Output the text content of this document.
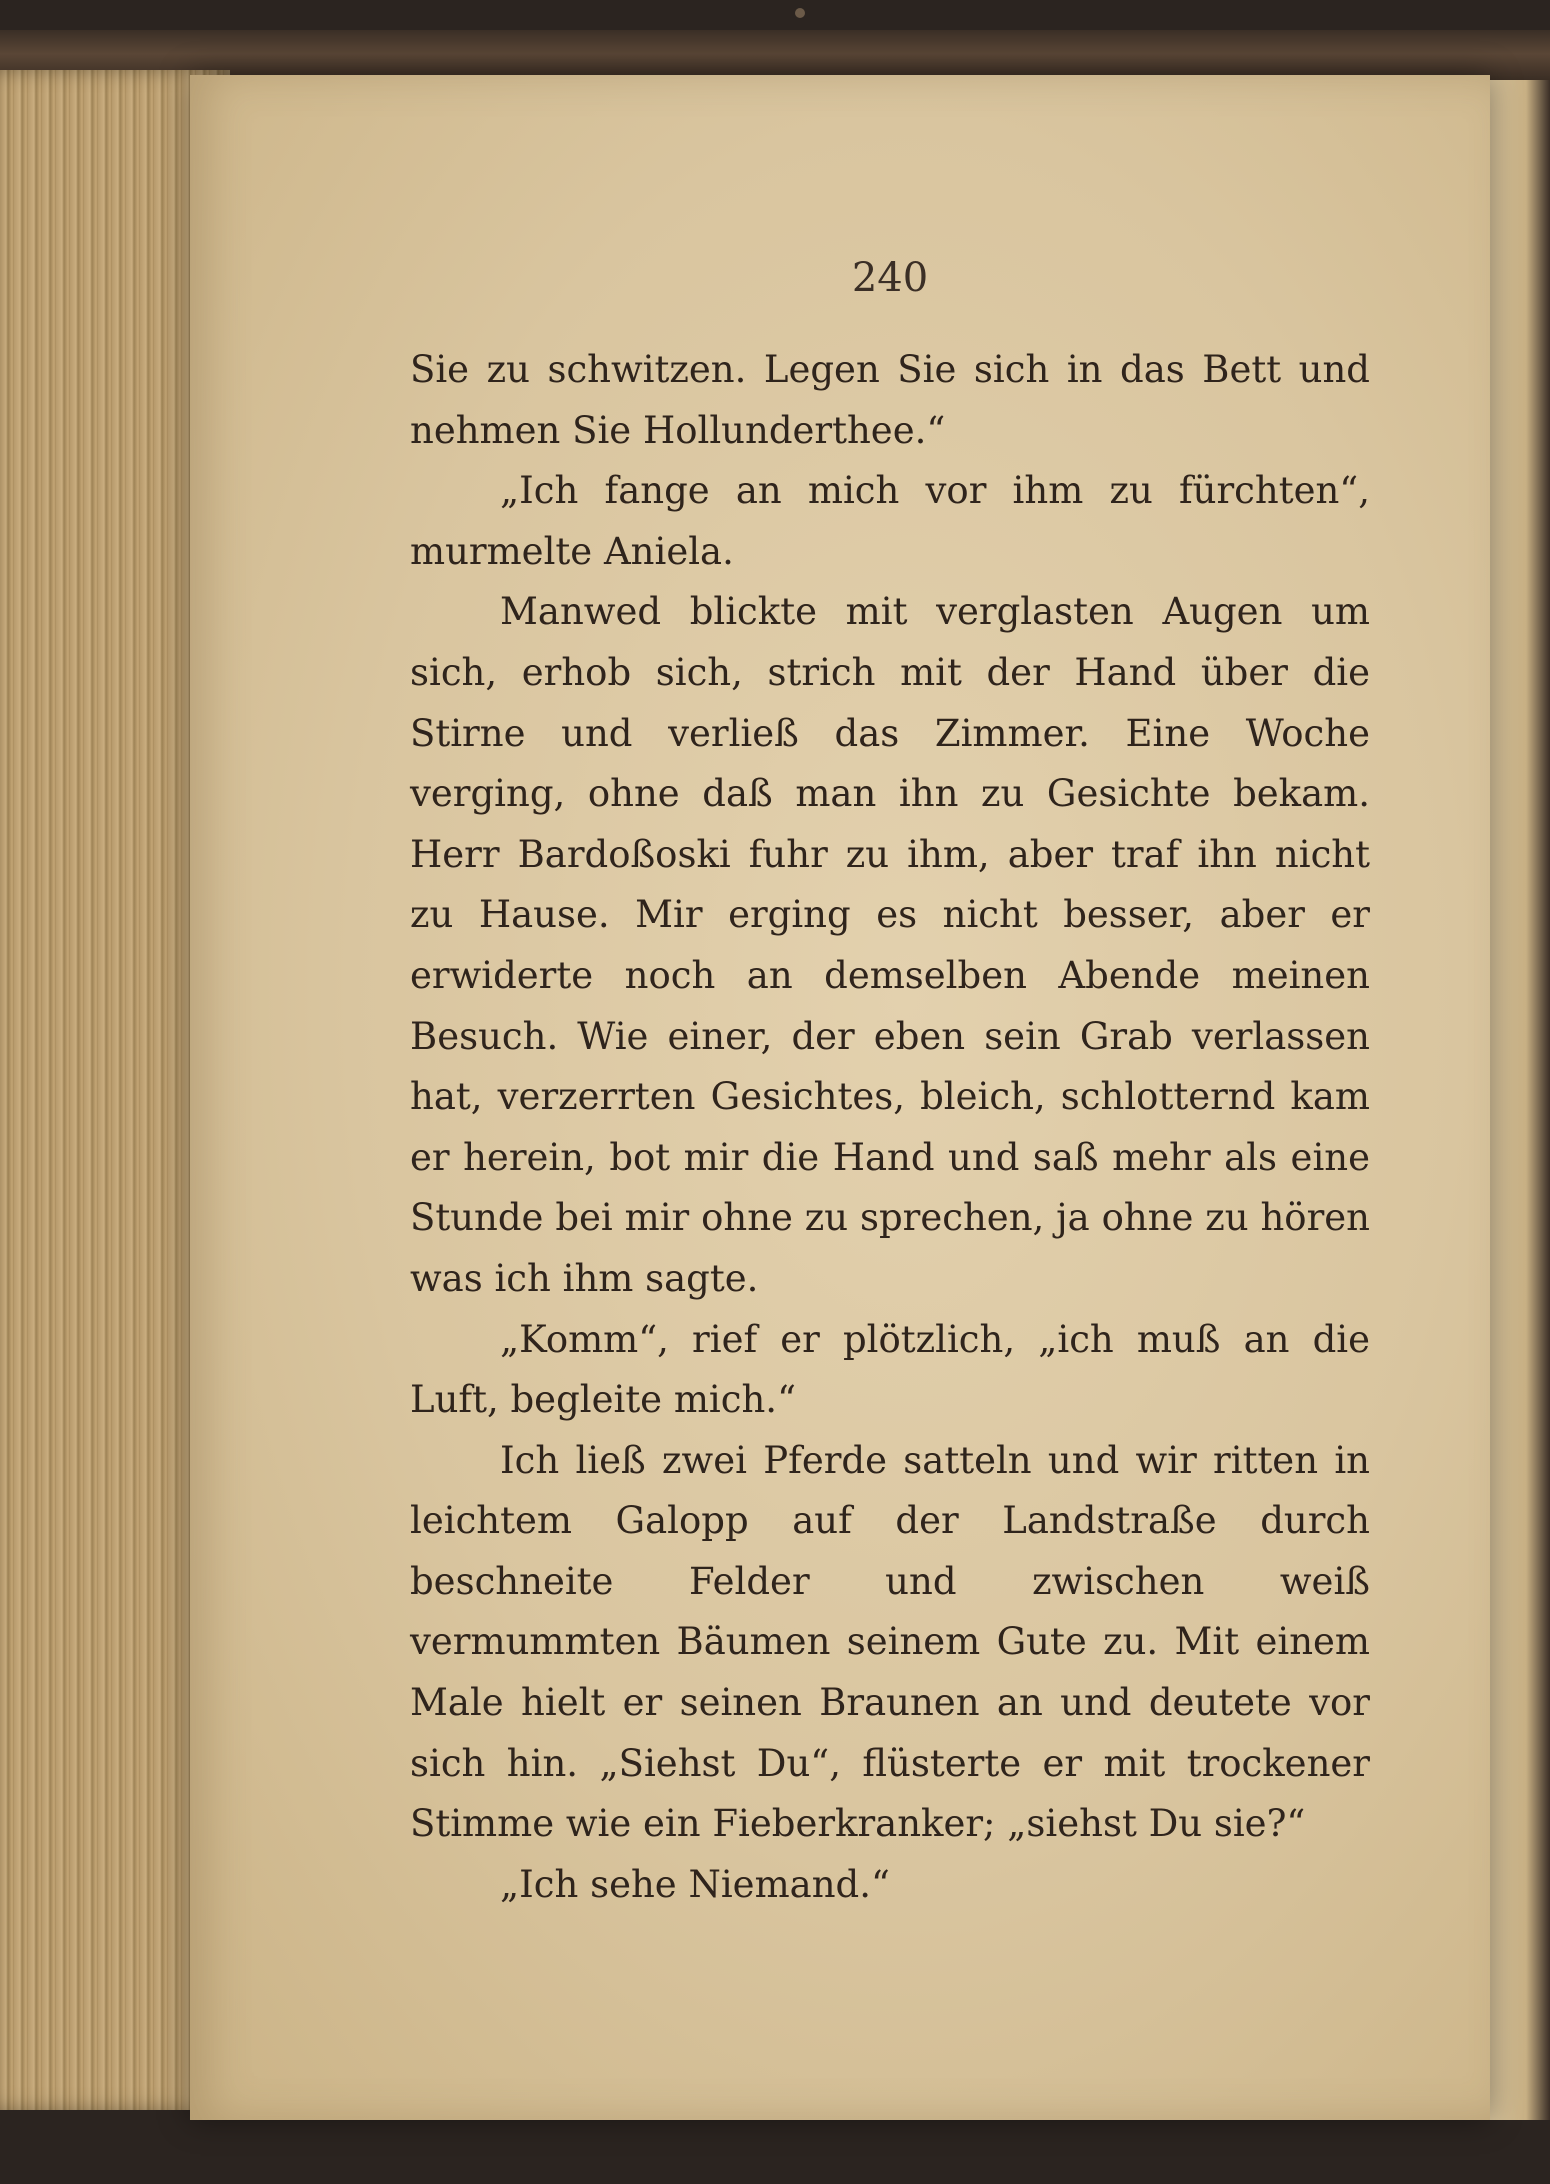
240

Sie zu schwitzen. Legen Sie sich in das Bett und nehmen Sie Hollunderthee.“

„Ich fange an mich vor ihm zu fürchten“, murmelte Aniela.

Manwed blickte mit verglasten Augen um sich, erhob sich, strich mit der Hand über die Stirne und verließ das Zimmer. Eine Woche verging, ohne daß man ihn zu Gesichte bekam. Herr Bardoßoski fuhr zu ihm, aber traf ihn nicht zu Hause. Mir erging es nicht besser, aber er erwiderte noch an demselben Abende meinen Besuch. Wie einer, der eben sein Grab verlassen hat, verzerrten Gesichtes, bleich, schlotternd kam er herein, bot mir die Hand und saß mehr als eine Stunde bei mir ohne zu sprechen, ja ohne zu hören was ich ihm sagte.

„Komm“, rief er plötzlich, „ich muß an die Luft, begleite mich.“

Ich ließ zwei Pferde satteln und wir ritten in leichtem Galopp auf der Landstraße durch beschneite Felder und zwischen weiß vermummten Bäumen seinem Gute zu. Mit einem Male hielt er seinen Braunen an und deutete vor sich hin. „Siehst Du“, flüsterte er mit trockener Stimme wie ein Fieberkranker; „siehst Du sie?“

„Ich sehe Niemand.“
